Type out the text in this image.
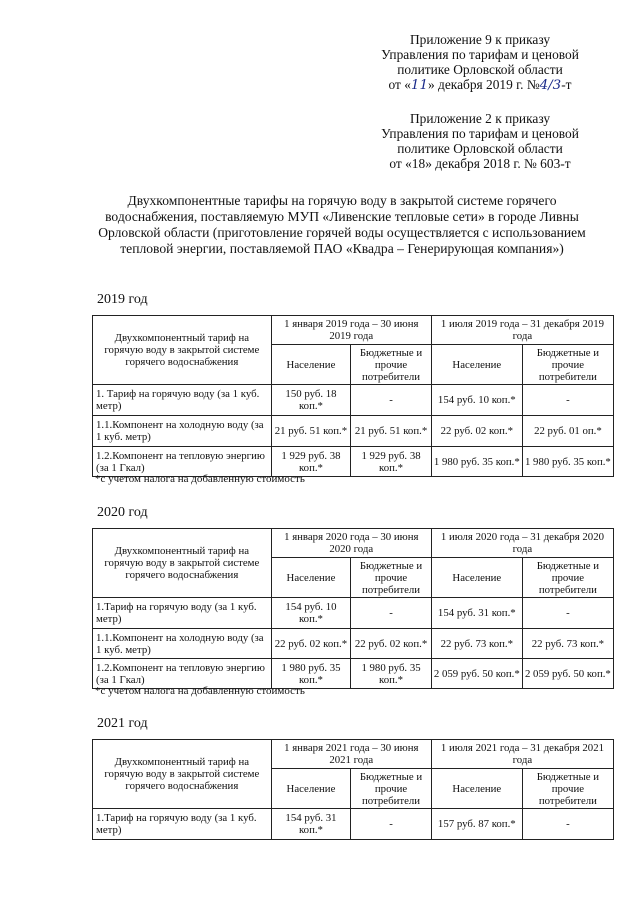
Приложение 9 к приказу
Управления по тарифам и ценовой
политике Орловской области
от «11» декабря 2019 г. №4/3-т
Приложение 2 к приказу
Управления по тарифам и ценовой
политике Орловской области
от «18» декабря 2018 г. № 603-т
Двухкомпонентные тарифы на горячую воду в закрытой системе горячего водоснабжения, поставляемую МУП «Ливенские тепловые сети» в городе Ливны Орловской области (приготовление горячей воды осуществляется с использованием тепловой энергии, поставляемой ПАО «Квадра – Генерирующая компания»)
2019 год
Двухкомпонентный тариф на горячую воду в закрытой системе горячего водоснабжения	1 января 2019 года – 30 июня 2019 года		1 июля 2019 года – 31 декабря 2019 года	
	Население	Бюджетные и прочие потребители	Население	Бюджетные и прочие потребители
1. Тариф на горячую воду (за 1 куб. метр)	150 руб. 18 коп.*	-	154 руб. 10 коп.*	-
1.1.Компонент на холодную воду (за 1 куб. метр)	21 руб. 51 коп.*	21 руб. 51 коп.*	22 руб. 02 коп.*	22 руб. 01 оп.*
1.2.Компонент на тепловую энергию (за 1 Гкал)	1 929 руб. 38 коп.*	1 929 руб. 38 коп.*	1 980 руб. 35 коп.*	1 980 руб. 35 коп.*
*с учетом налога на добавленную стоимость
2020 год
Двухкомпонентный тариф на горячую воду в закрытой системе горячего водоснабжения	1 января 2020 года – 30 июня 2020 года		1 июля 2020 года – 31 декабря 2020 года	
	Население	Бюджетные и прочие потребители	Население	Бюджетные и прочие потребители
1.Тариф на горячую воду (за 1 куб. метр)	154 руб. 10 коп.*	-	154 руб. 31 коп.*	-
1.1.Компонент на холодную воду (за 1 куб. метр)	22 руб. 02 коп.*	22 руб. 02 коп.*	22 руб. 73 коп.*	22 руб. 73 коп.*
1.2.Компонент на тепловую энергию (за 1 Гкал)	1 980 руб. 35 коп.*	1 980 руб. 35 коп.*	2 059 руб. 50 коп.*	2 059 руб. 50 коп.*
*с учетом налога на добавленную стоимость
2021 год
Двухкомпонентный тариф на горячую воду в закрытой системе горячего водоснабжения	1 января 2021 года – 30 июня 2021 года		1 июля 2021 года – 31 декабря 2021 года	
	Население	Бюджетные и прочие потребители	Население	Бюджетные и прочие потребители
1.Тариф на горячую воду (за 1 куб. метр)	154 руб. 31 коп.*	-	157 руб. 87 коп.*	-
